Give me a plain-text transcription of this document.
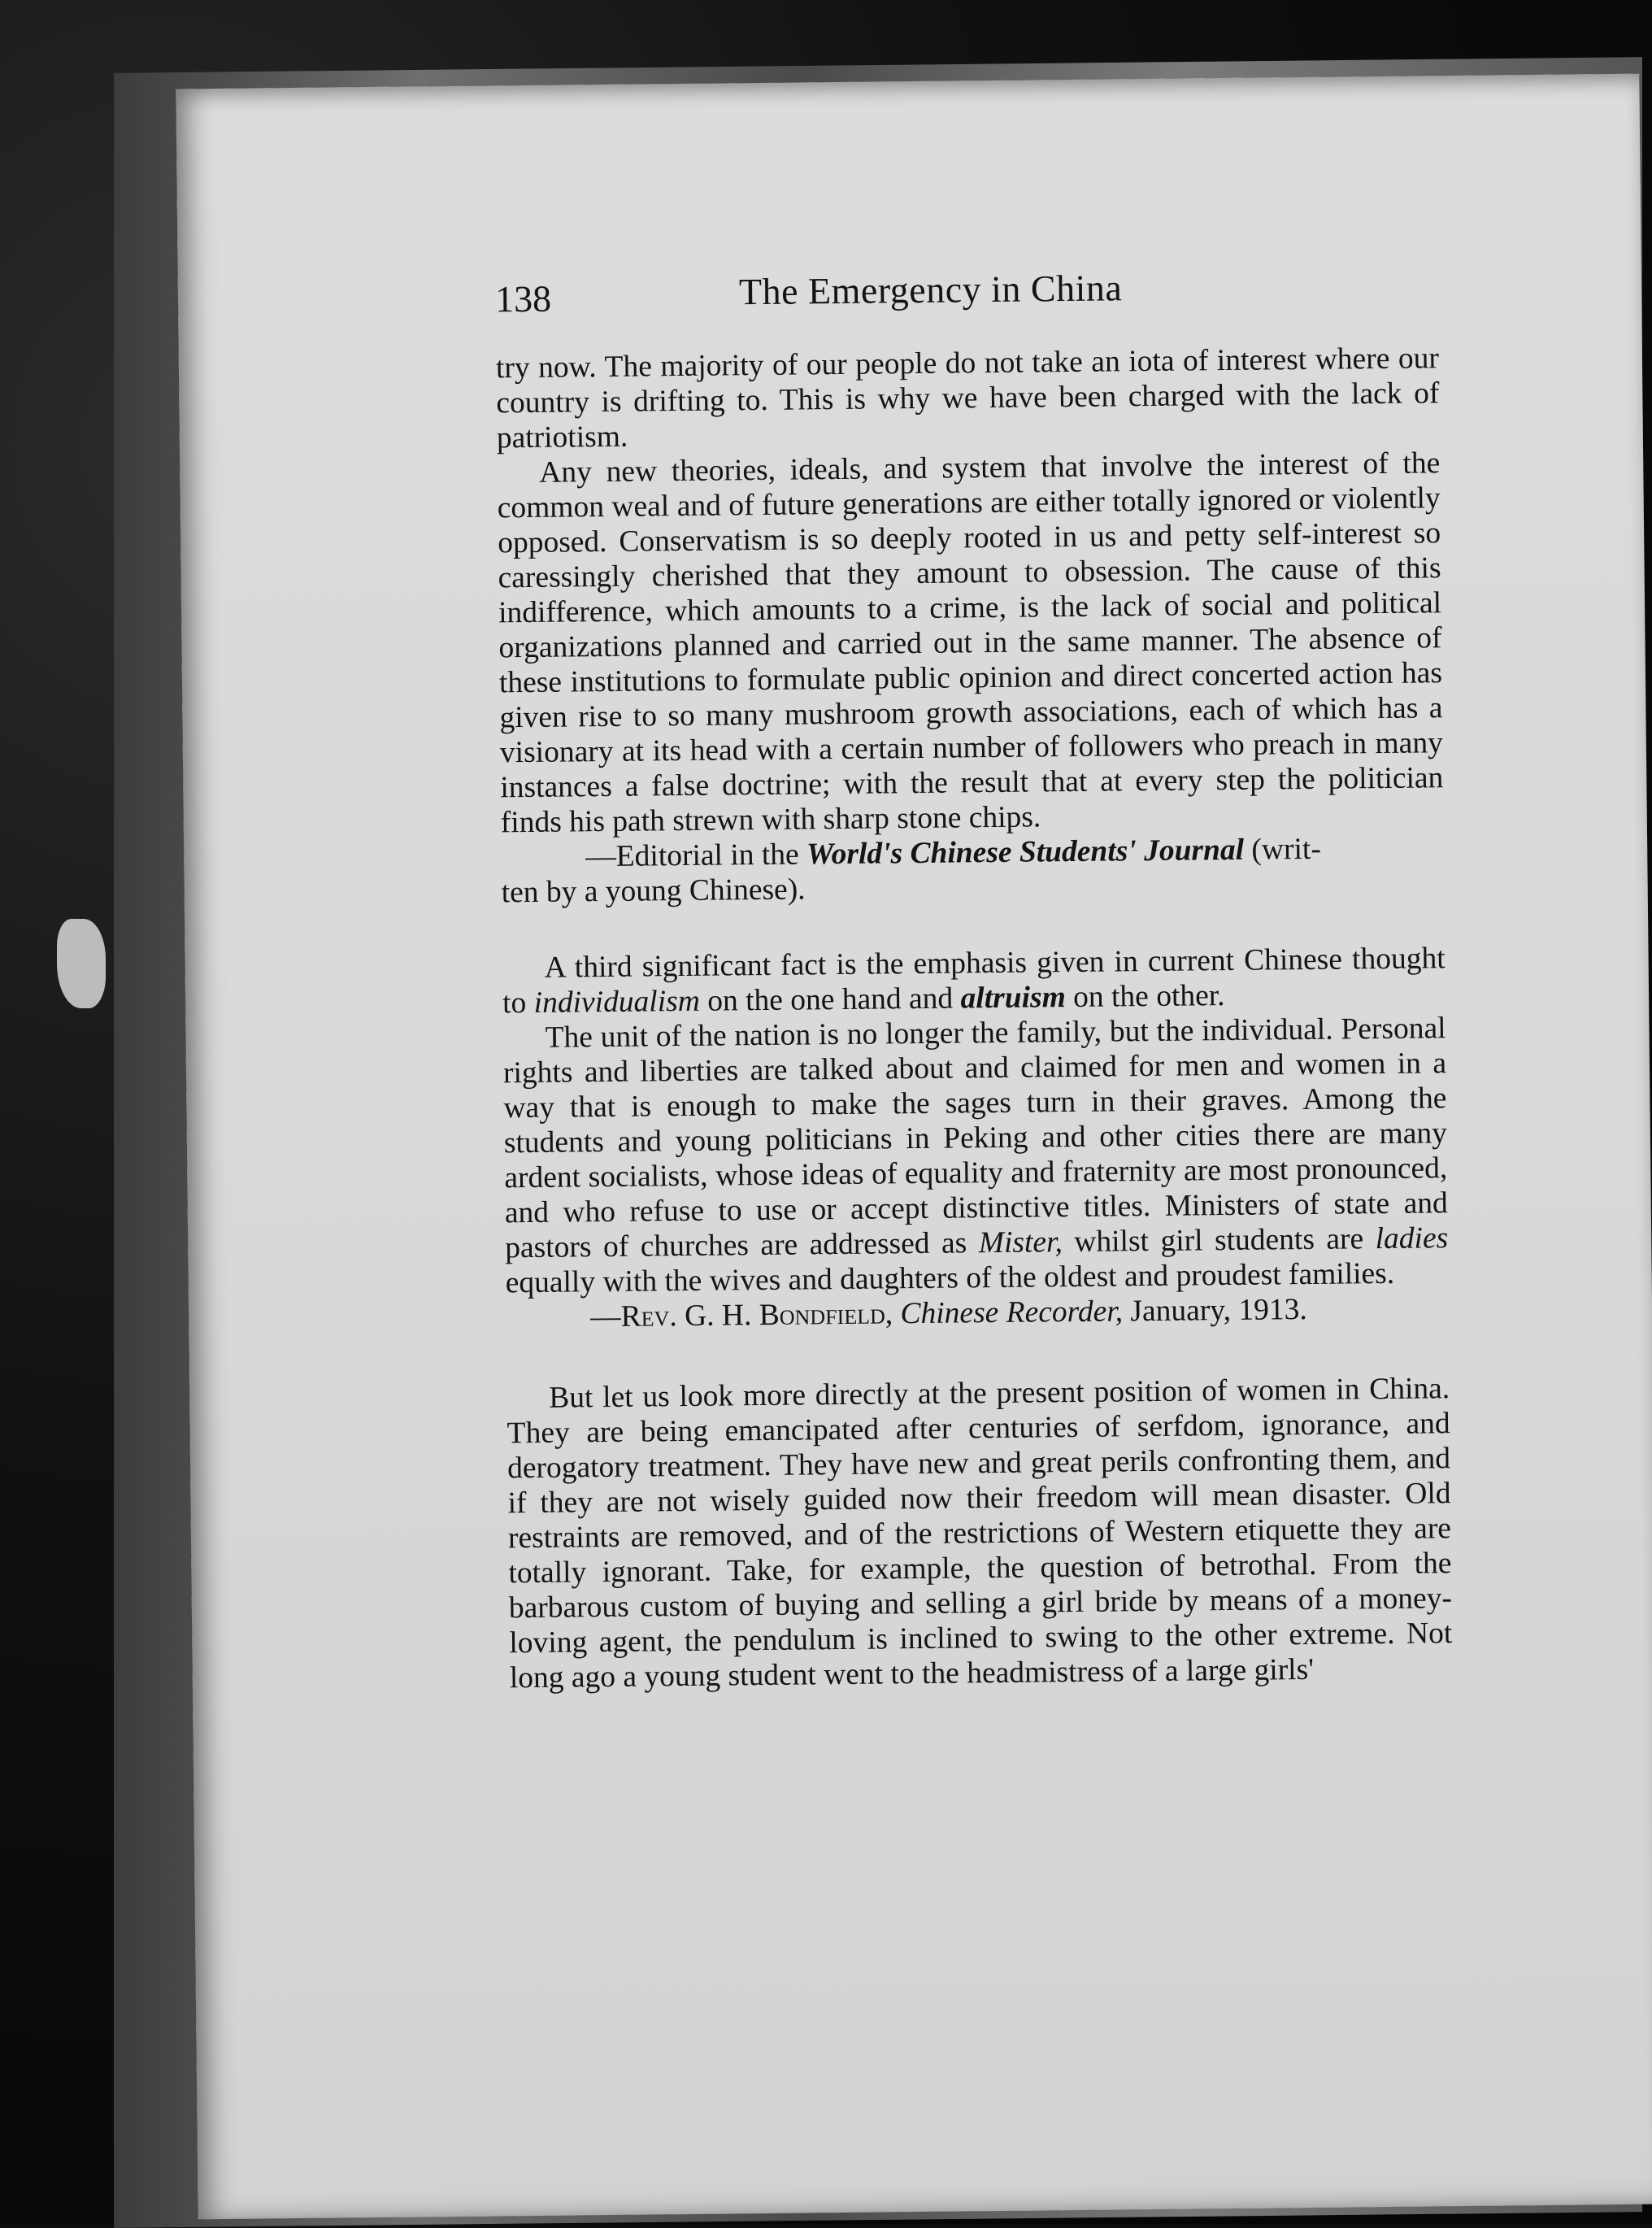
138	The Emergency in China

try now. The majority of our people do not take an iota of interest where our country is drifting to. This is why we have been charged with the lack of patriotism.

Any new theories, ideals, and system that involve the interest of the common weal and of future generations are either totally ignored or violently opposed. Conservatism is so deeply rooted in us and petty self-interest so caressingly cherished that they amount to obsession. The cause of this indifference, which amounts to a crime, is the lack of social and political organizations planned and carried out in the same manner. The absence of these institutions to formulate public opinion and direct concerted action has given rise to so many mushroom growth associations, each of which has a visionary at its head with a certain number of followers who preach in many instances a false doctrine; with the result that at every step the politician finds his path strewn with sharp stone chips.

—Editorial in the World's Chinese Students' Journal (writ-

ten by a young Chinese).

A third significant fact is the emphasis given in current Chinese thought to individualism on the one hand and altruism on the other.

The unit of the nation is no longer the family, but the individual. Personal rights and liberties are talked about and claimed for men and women in a way that is enough to make the sages turn in their graves. Among the students and young politicians in Peking and other cities there are many ardent socialists, whose ideas of equality and fraternity are most pronounced, and who refuse to use or accept distinctive titles. Ministers of state and pastors of churches are addressed as Mister, whilst girl students are ladies equally with the wives and daughters of the oldest and proudest families.

—Rev. G. H. Bondfield, Chinese Recorder, January, 1913.

But let us look more directly at the present position of women in China. They are being emancipated after centuries of serfdom, ignorance, and derogatory treatment. They have new and great perils confronting them, and if they are not wisely guided now their freedom will mean disaster. Old restraints are removed, and of the restrictions of Western etiquette they are totally ignorant. Take, for example, the question of betrothal. From the barbarous custom of buying and selling a girl bride by means of a money-loving agent, the pendulum is inclined to swing to the other extreme. Not long ago a young student went to the headmistress of a large girls'
